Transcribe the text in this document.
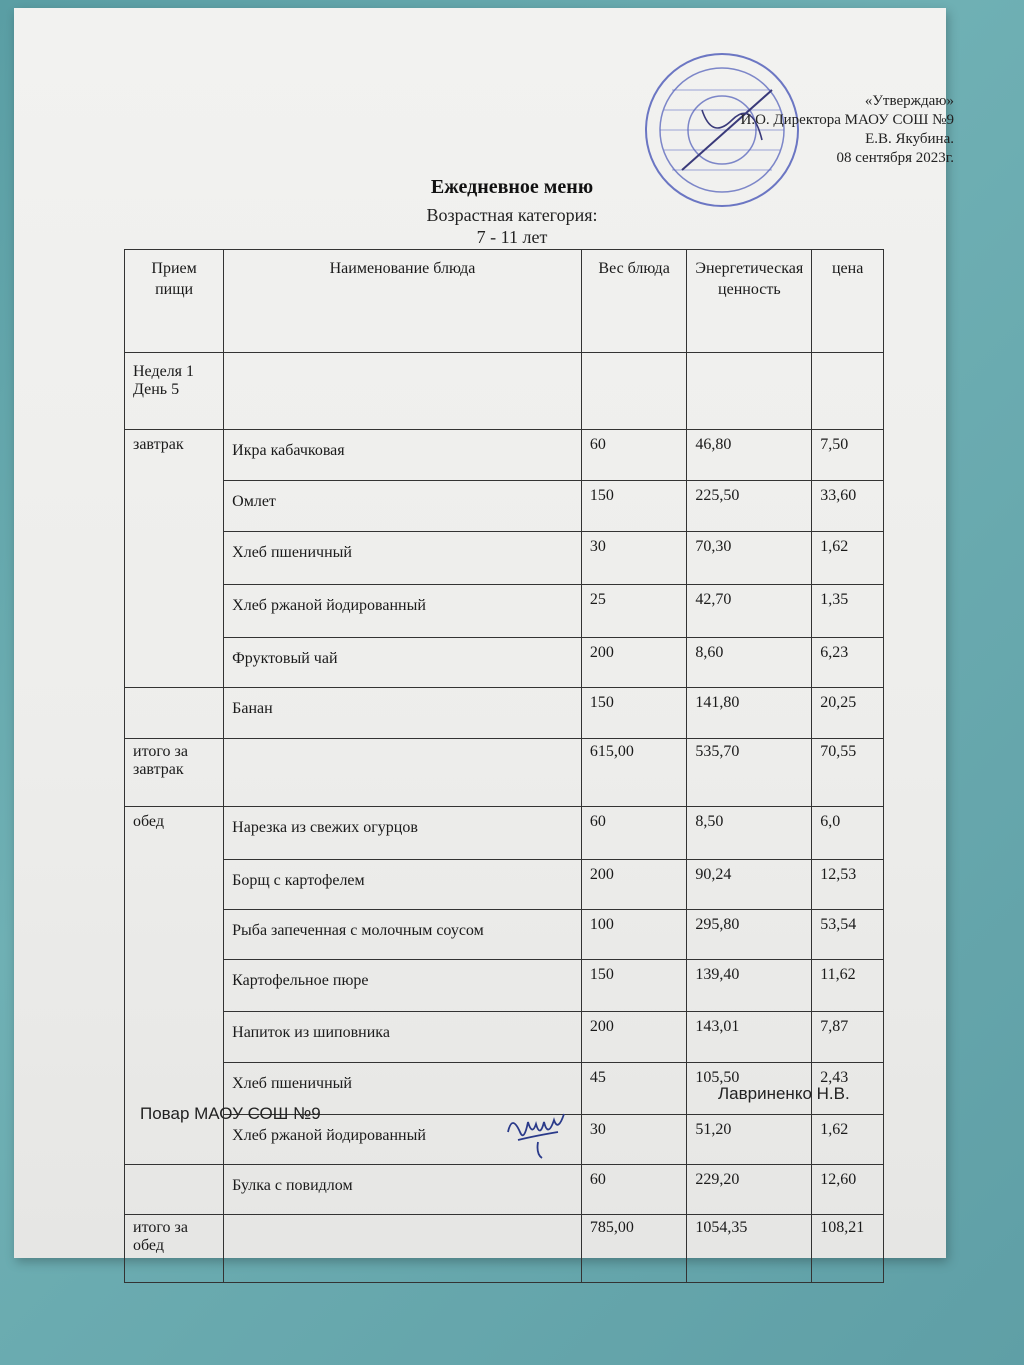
«Утверждаю»
И.О. Директора МАОУ СОШ №9
Е.В. Якубина.
08 сентября 2023г.
Ежедневное меню
Возрастная категория:
7 - 11 лет
Прием пищи	Наименование блюда	Вес блюда	Энергетическая ценность	цена
Неделя 1 День 5				
завтрак	Икра кабачковая	60	46,80	7,50
	Омлет	150	225,50	33,60
	Хлеб пшеничный	30	70,30	1,62
	Хлеб ржаной йодированный	25	42,70	1,35
	Фруктовый чай	200	8,60	6,23
	Банан	150	141,80	20,25
итого за завтрак		615,00	535,70	70,55
обед	Нарезка из свежих огурцов	60	8,50	6,0
	Борщ с картофелем	200	90,24	12,53
	Рыба запеченная с молочным соусом	100	295,80	53,54
	Картофельное пюре	150	139,40	11,62
	Напиток из шиповника	200	143,01	7,87
	Хлеб пшеничный	45	105,50	2,43
	Хлеб ржаной йодированный	30	51,20	1,62
	Булка с повидлом	60	229,20	12,60
итого за обед		785,00	1054,35	108,21
Повар МАОУ СОШ №9
Лавриненко Н.В.
